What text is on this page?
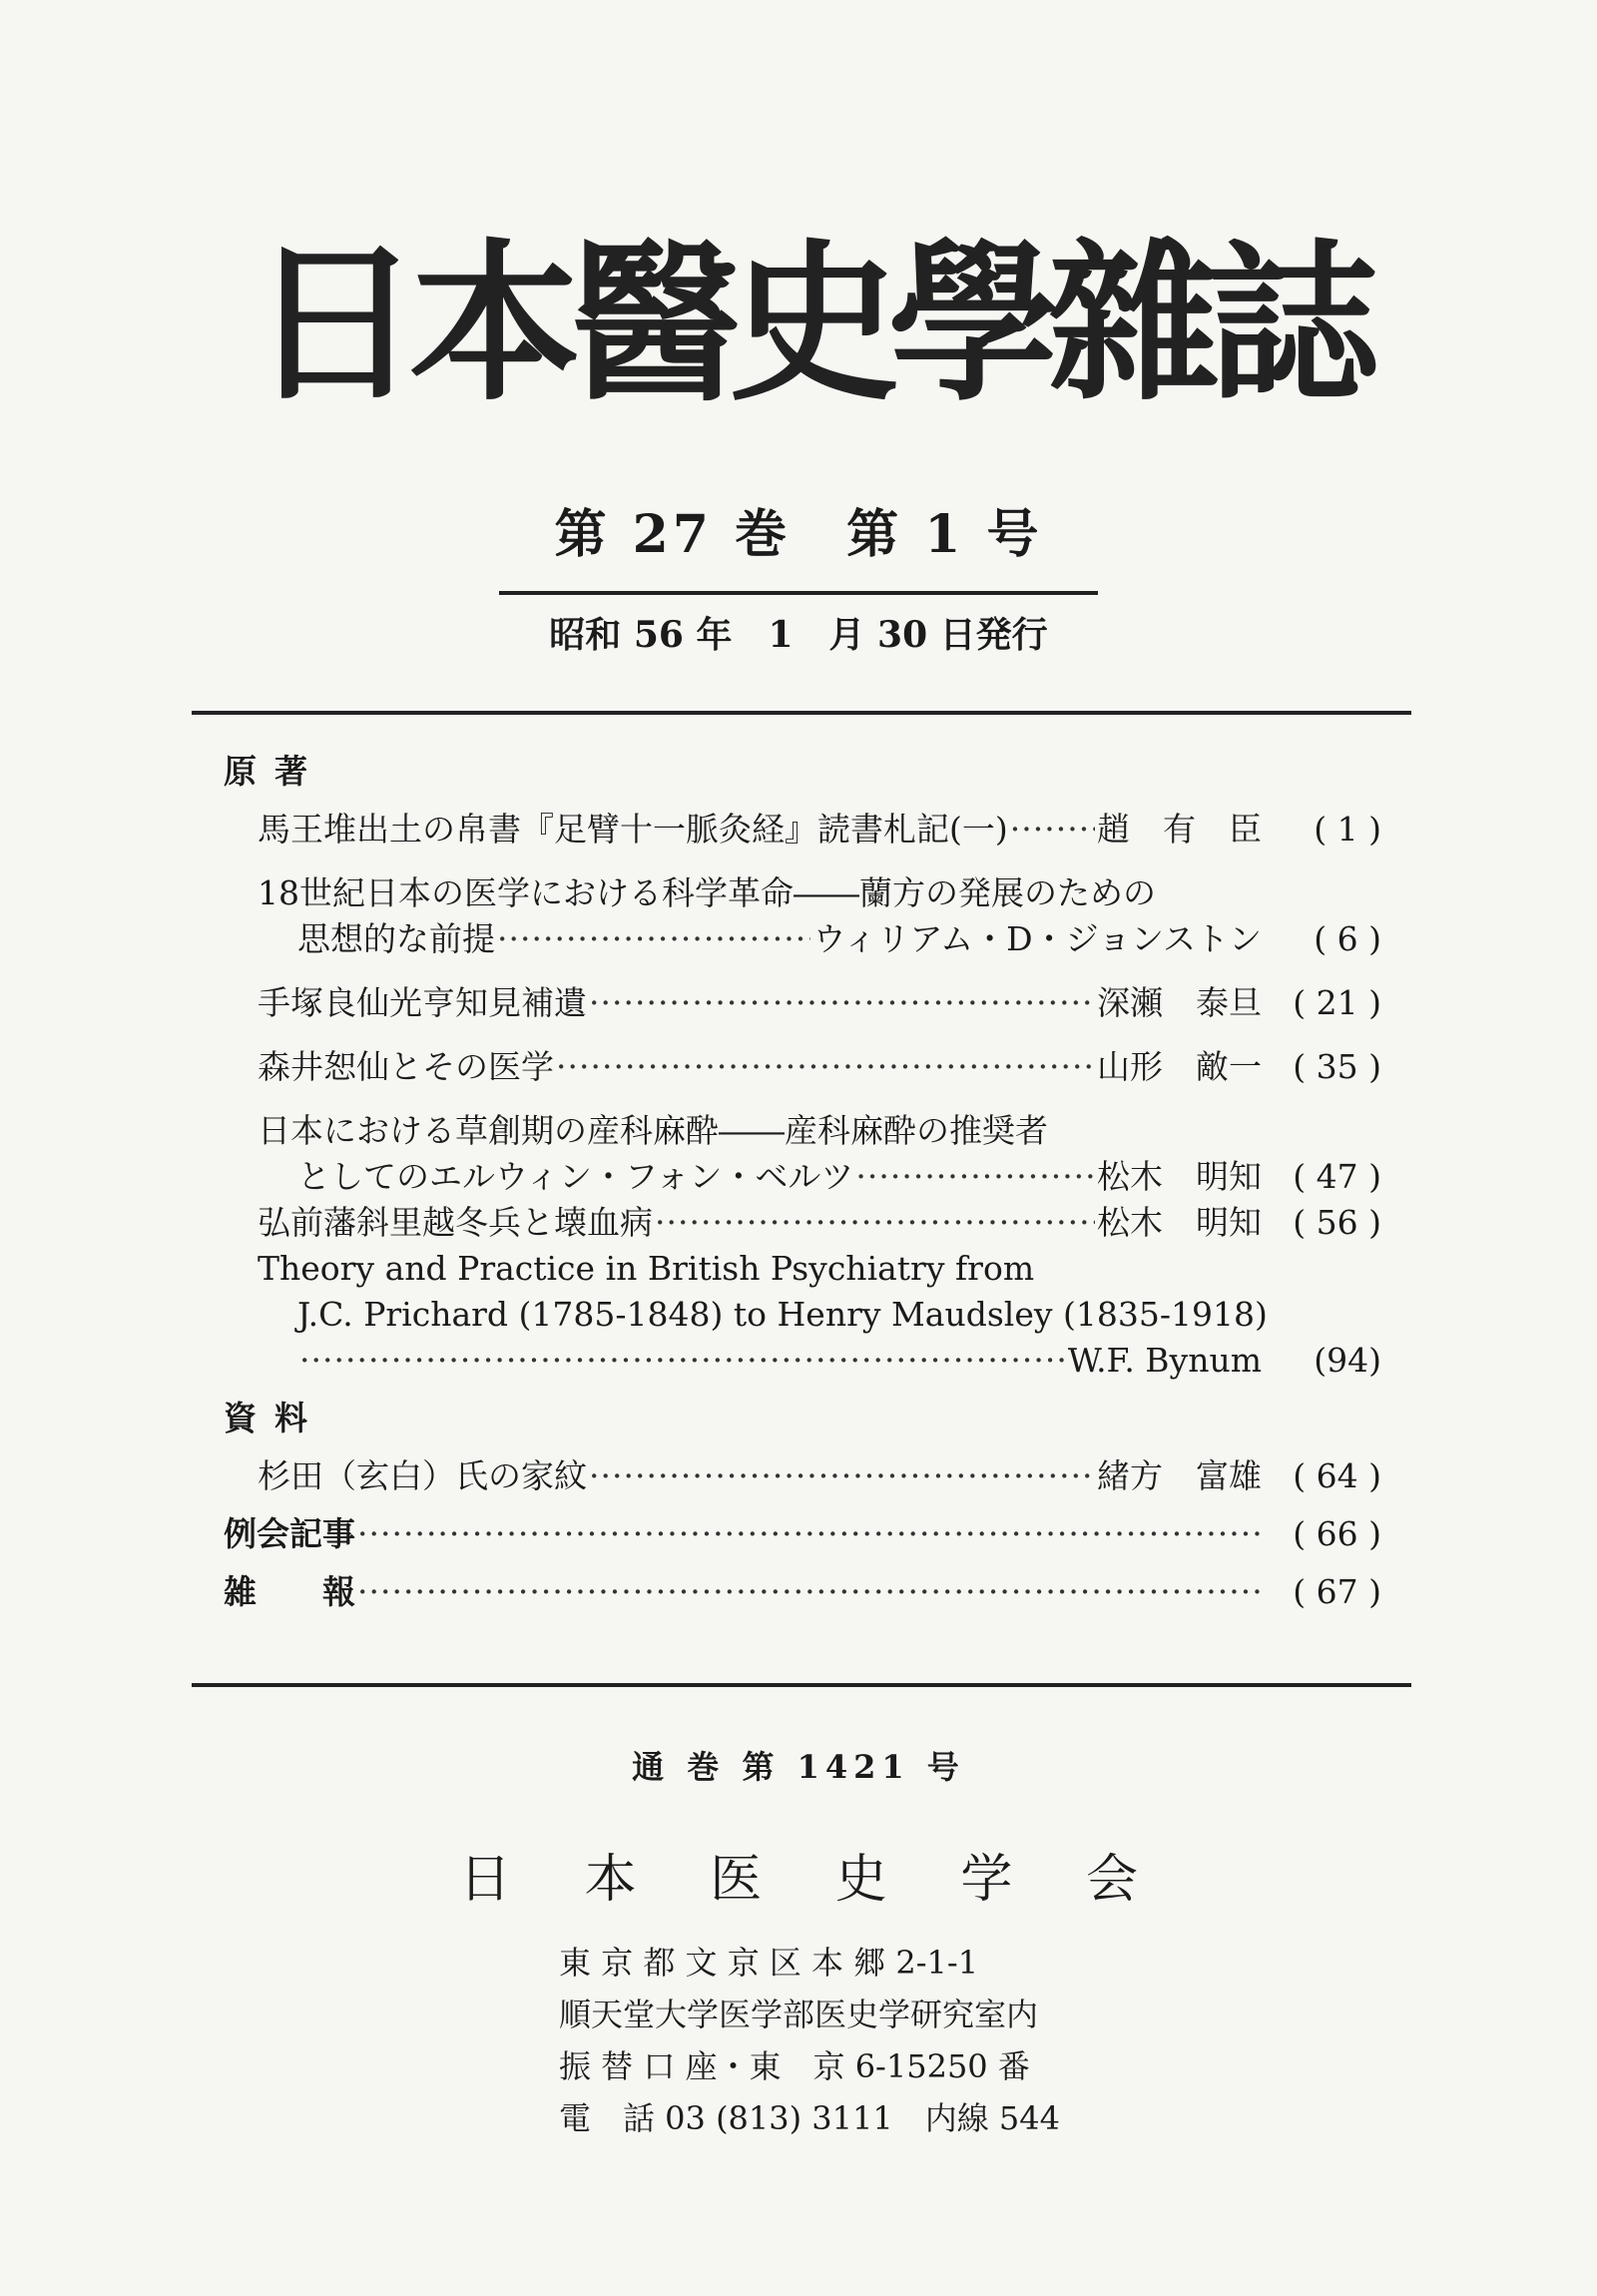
日
本
醫
史
學
雜
誌
第 27 巻　第 1 号
昭和 56 年　1　月 30 日発行
原著
馬王堆出土の帛書『足臂十一脈灸経』読書札記(一) ·····	趙　有　臣	( 1 )
18世紀日本の医学における科学革命――蘭方の発展のための
思想的な前提 ·····	ウィリアム・D・ジョンストン	( 6 )
手塚良仙光亨知見補遺 ·····	深瀬　泰旦 ( 21 )
森井恕仙とその医学 ·····	山形　敵一 ( 35 )
日本における草創期の産科麻酔――産科麻酔の推奨者
としてのエルウィン・フォン・ベルツ ·····	松木　明知 ( 47 )
弘前藩斜里越冬兵と壊血病 ·····	松木　明知 ( 56 )
Theory and Practice in British Psychiatry from
J.C. Prichard (1785-1848) to Henry Maudsley (1835-1918)
·····
W.F. Bynum	(94)
資料
杉田（玄白）氏の家紋 ·····	緒方　富雄 ( 64 )
例会記事 ·····	( 66 )
雑　　報 ·····	( 67 )
通 巻 第 1421 号
日 本 医 史 学 会
東 京 都 文 京 区 本 郷 2-1-1
順天堂大学医学部医史学研究室内
振 替 口 座・東　京 6-15250 番
電　話 03 (813) 3111　内線 544
